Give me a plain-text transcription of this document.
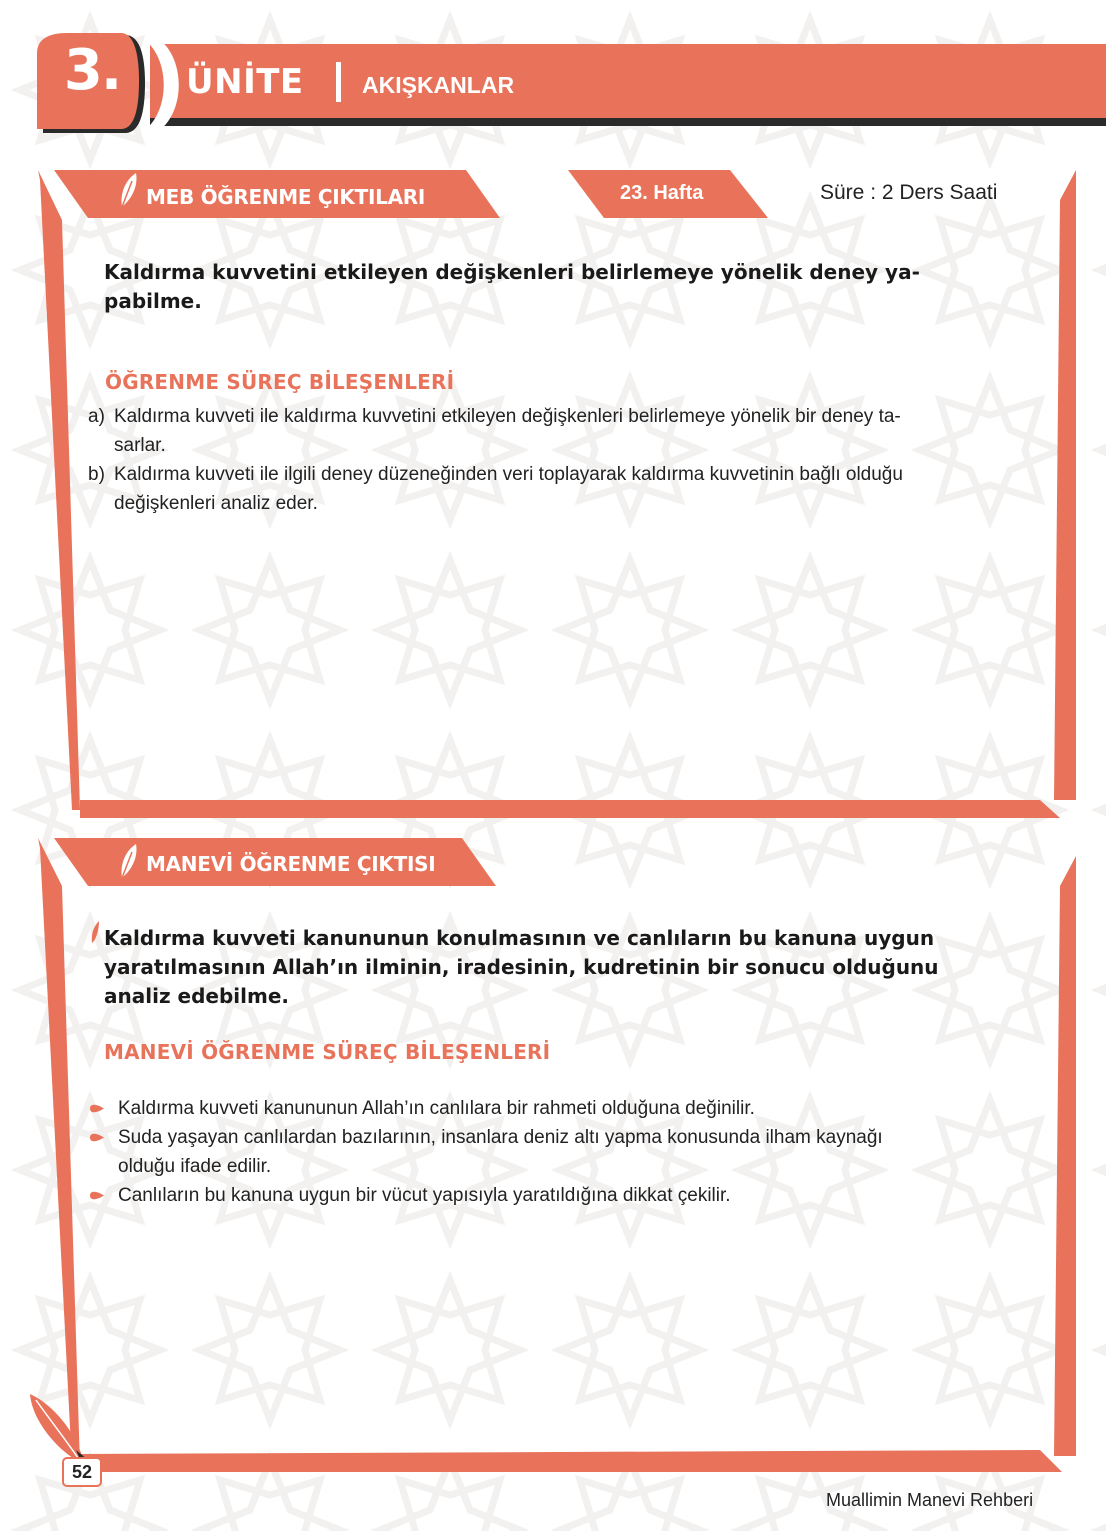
3.	ÜNİTE	AKIŞKANLAR
MEB ÖĞRENME ÇIKTILARI	23. Hafta	Süre : 2 Ders Saati
Kaldırma kuvvetini etkileyen değişkenleri belirlemeye yönelik deney ya-
pabilme.
ÖĞRENME SÜREÇ BİLEŞENLERİ
a) Kaldırma kuvveti ile kaldırma kuvvetini etkileyen değişkenleri belirlemeye yönelik bir deney ta-
sarlar.
b) Kaldırma kuvveti ile ilgili deney düzeneğinden veri toplayarak kaldırma kuvvetinin bağlı olduğu
değişkenleri analiz eder.
MANEVİ ÖĞRENME ÇIKTISI
Kaldırma kuvveti kanununun konulmasının ve canlıların bu kanuna uygun
yaratılmasının Allah’ın ilminin, iradesinin, kudretinin bir sonucu olduğunu
analiz edebilme.
MANEVİ ÖĞRENME SÜREÇ BİLEŞENLERİ
Kaldırma kuvveti kanununun Allah’ın canlılara bir rahmeti olduğuna değinilir.
Suda yaşayan canlılardan bazılarının, insanlara deniz altı yapma konusunda ilham kaynağı
olduğu ifade edilir.
Canlıların bu kanuna uygun bir vücut yapısıyla yaratıldığına dikkat çekilir.
52
Muallimin Manevi Rehberi
